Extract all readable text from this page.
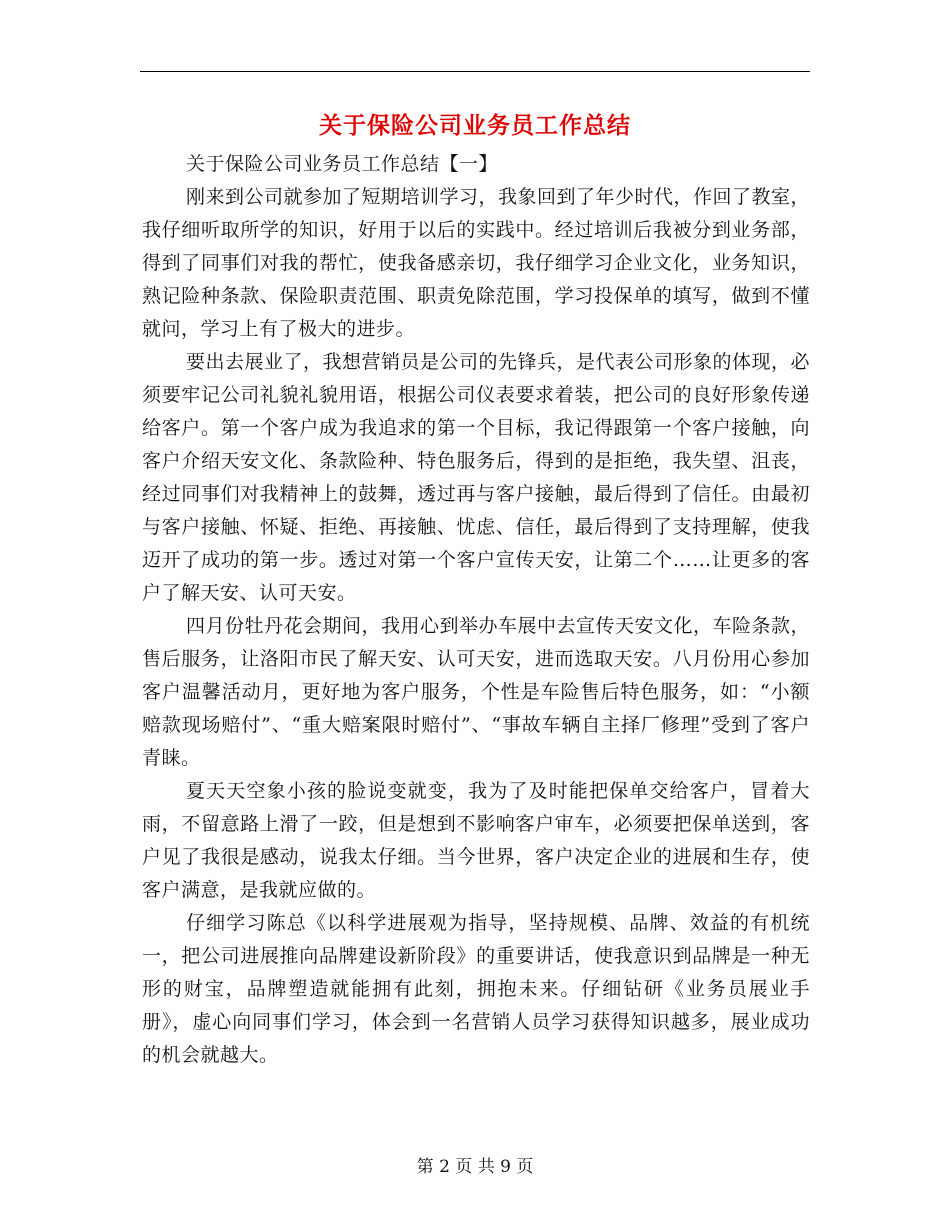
关于保险公司业务员工作总结

关于保险公司业务员工作总结【一】

刚来到公司就参加了短期培训学习，我象回到了年少时代，作回了教室，我仔细听取所学的知识，好用于以后的实践中。经过培训后我被分到业务部，得到了同事们对我的帮忙，使我备感亲切，我仔细学习企业文化，业务知识，熟记险种条款、保险职责范围、职责免除范围，学习投保单的填写，做到不懂就问，学习上有了极大的进步。

要出去展业了，我想营销员是公司的先锋兵，是代表公司形象的体现，必须要牢记公司礼貌礼貌用语，根据公司仪表要求着装，把公司的良好形象传递给客户。第一个客户成为我追求的第一个目标，我记得跟第一个客户接触，向客户介绍天安文化、条款险种、特色服务后，得到的是拒绝，我失望、沮丧，经过同事们对我精神上的鼓舞，透过再与客户接触，最后得到了信任。由最初与客户接触、怀疑、拒绝、再接触、忧虑、信任，最后得到了支持理解，使我迈开了成功的第一步。透过对第一个客户宣传天安，让第二个……让更多的客户了解天安、认可天安。

四月份牡丹花会期间，我用心到举办车展中去宣传天安文化，车险条款，售后服务，让洛阳市民了解天安、认可天安，进而选取天安。八月份用心参加客户温馨活动月，更好地为客户服务，个性是车险售后特色服务，如：“小额赔款现场赔付”、“重大赔案限时赔付”、“事故车辆自主择厂修理”受到了客户青睐。

夏天天空象小孩的脸说变就变，我为了及时能把保单交给客户，冒着大雨，不留意路上滑了一跤，但是想到不影响客户审车，必须要把保单送到，客户见了我很是感动，说我太仔细。当今世界，客户决定企业的进展和生存，使客户满意，是我就应做的。

仔细学习陈总《以科学进展观为指导，坚持规模、品牌、效益的有机统一，把公司进展推向品牌建设新阶段》的重要讲话，使我意识到品牌是一种无形的财宝，品牌塑造就能拥有此刻，拥抱未来。仔细钻研《业务员展业手册》，虚心向同事们学习，体会到一名营销人员学习获得知识越多，展业成功的机会就越大。

第 2 页 共 9 页
